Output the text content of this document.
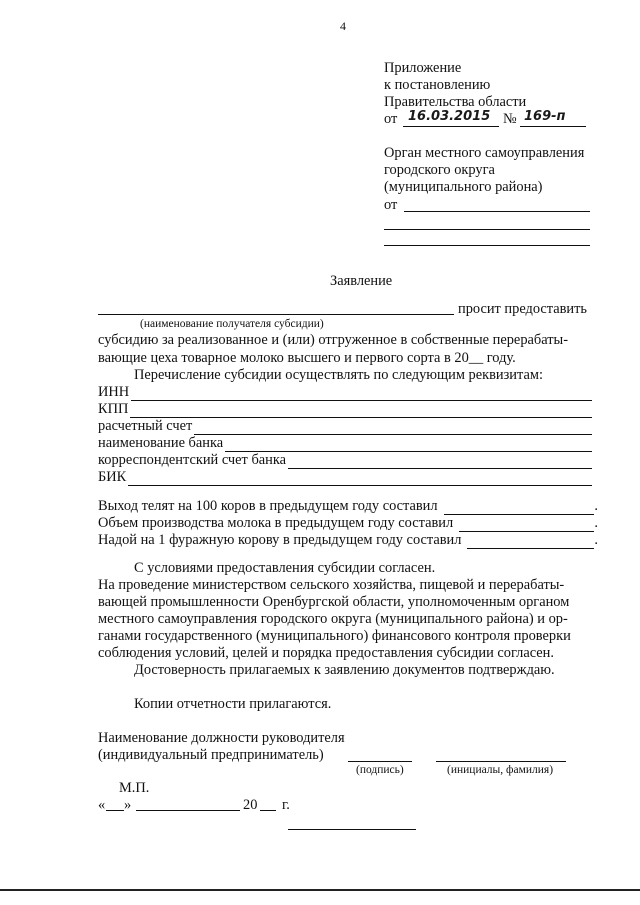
4
Приложение
к постановлению
Правительства области
от 16.03.2015 № 169-п
Орган местного самоуправления
городского округа
(муниципального района)
от
Заявление
просит предоставить
(наименование получателя субсидии)
субсидию за реализованное и (или) отгруженное в собственные перерабаты-
вающие цеха товарное молоко высшего и первого сорта в 20__ году.
Перечисление субсидии осуществлять по следующим реквизитам:
ИНН
КПП
расчетный счет
наименование банка
корреспондентский счет банка
БИК
Выход телят на 100 коров в предыдущем году составил	.
Объем производства молока в предыдущем году составил	.
Надой на 1 фуражную корову в предыдущем году составил	.
С условиями предоставления субсидии согласен.
На проведение министерством сельского хозяйства, пищевой и перерабаты-
вающей промышленности Оренбургской области, уполномоченным органом
местного самоуправления городского округа (муниципального района) и ор-
ганами государственного (муниципального) финансового контроля проверки
соблюдения условий, целей и порядка предоставления субсидии согласен.
Достоверность прилагаемых к заявлению документов подтверждаю.
Копии отчетности прилагаются.
Наименование должности руководителя
(индивидуальный предприниматель)
(подпись)	(инициалы, фамилия)
М.П.
« »	20 г.
